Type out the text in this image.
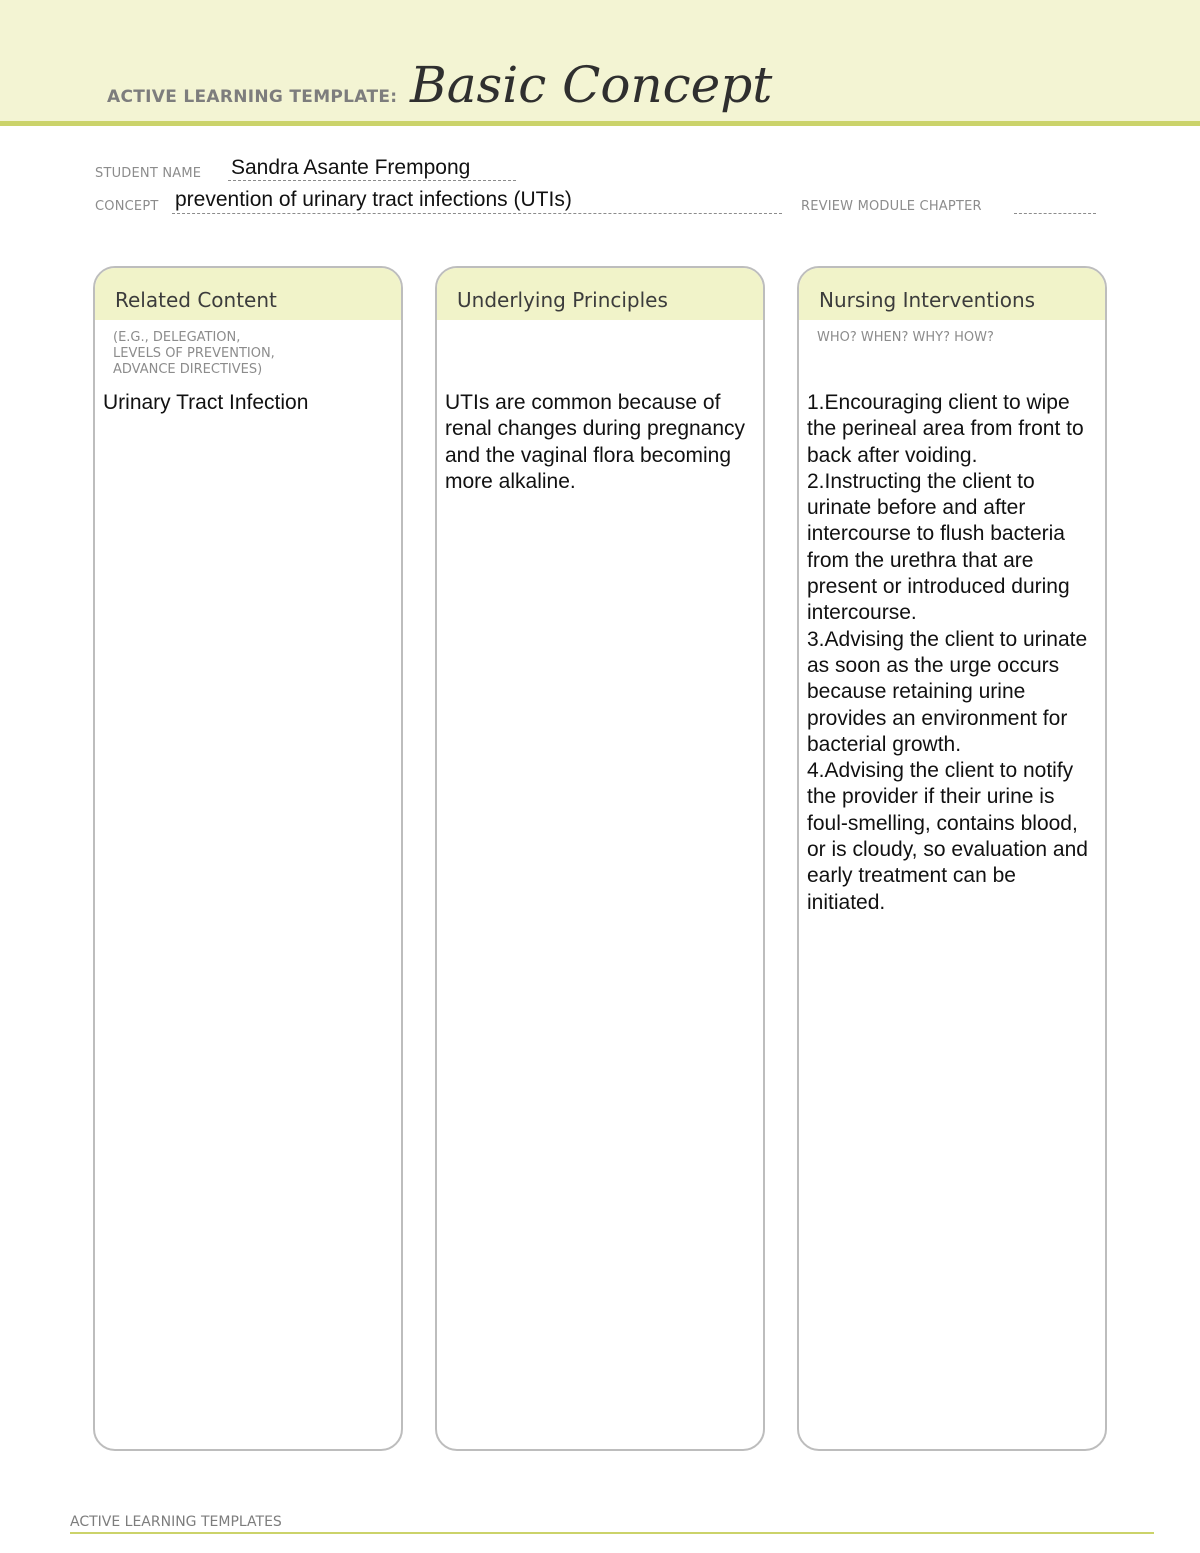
ACTIVE LEARNING TEMPLATE: Basic Concept
STUDENT NAME Sandra Asante Frempong
CONCEPT prevention of urinary tract infections (UTIs)	REVIEW MODULE CHAPTER
Related Content
(E.G., DELEGATION,
LEVELS OF PREVENTION,
ADVANCE DIRECTIVES)
Urinary Tract Infection
Underlying Principles
UTIs are common because of renal changes during pregnancy and the vaginal flora becoming more alkaline.
Nursing Interventions
WHO? WHEN? WHY? HOW?

1.Encouraging client to wipe the perineal area from front to back after voiding.

2.Instructing the client to urinate before and after intercourse to flush bacteria from the urethra that are present or introduced during intercourse.

3.Advising the client to urinate as soon as the urge occurs because retaining urine provides an environment for bacterial growth.

4.Advising the client to notify the provider if their urine is foul-smelling, contains blood, or is cloudy, so evaluation and early treatment can be initiated.

ACTIVE LEARNING TEMPLATES
